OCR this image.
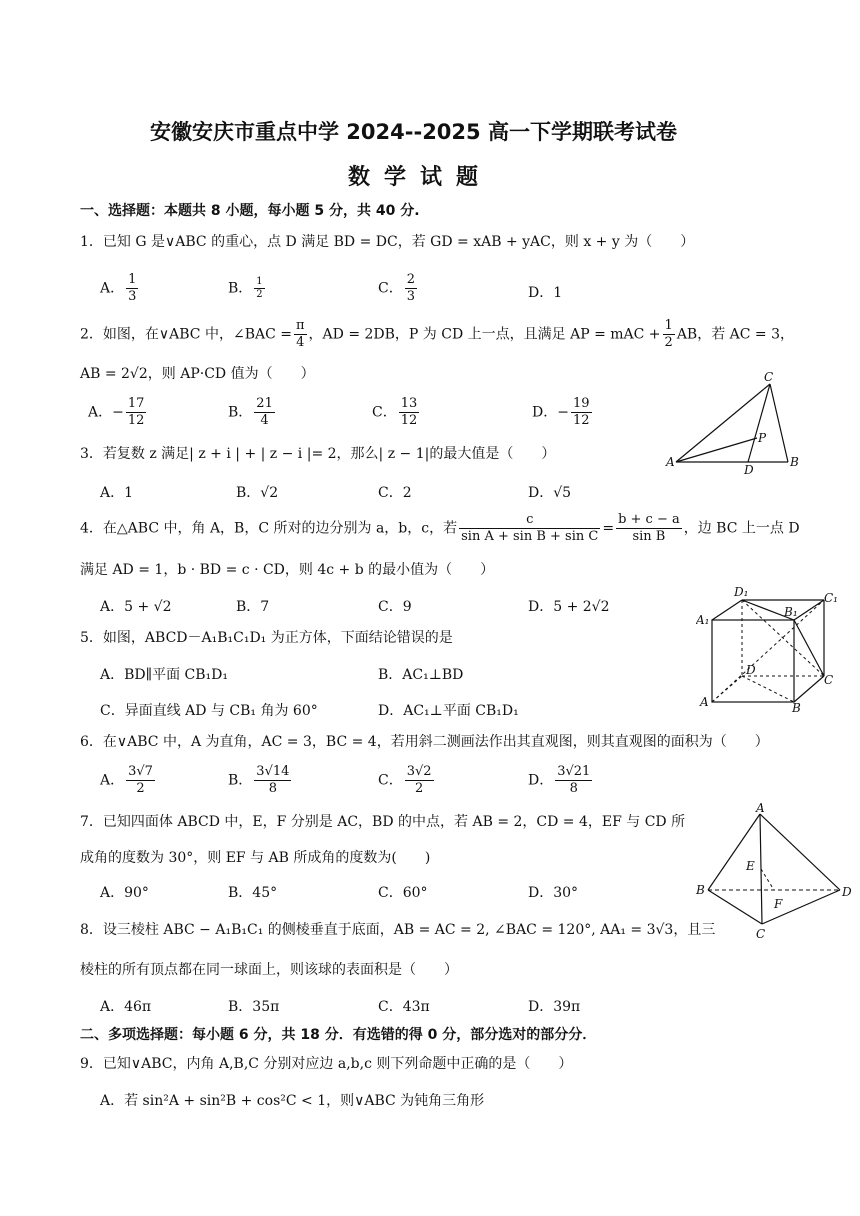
安徽安庆市重点中学 2024--2025 高一下学期联考试卷
数学试题
一、选择题：本题共 8 小题，每小题 5 分，共 40 分.
1．已知 G 是∨ABC 的重心，点 D 满足 BD = DC，若 GD = xAB + yAC，则 x + y 为（　　）
A． $\frac{1}{3}$	B． $\frac{1}{2}$	C． $\frac{2}{3}$	D．1
2．如图，在∨ABC 中，∠BAC = $\frac{\pi}{4}$ ，AD = 2DB，P 为 CD 上一点，且满足 AP = mAC + $\frac{1}{2}$ AB，若 AC = 3，
AB = 2√2，则 AP·CD 值为（　　）
A．− $\frac{17}{12}$	B． $\frac{21}{4}$	C． $\frac{13}{12}$	D．− $\frac{19}{12}$
C
A	B
D
P
3．若复数 z 满足| z + i | + | z − i |= 2，那么| z − 1|的最大值是（　　）
A．1	B．√2	C．2	D．√5
4．在△ABC 中，角 A，B，C 所对的边分别为 a，b，c，若 $\frac{c}{\text{sin A + sin B + sin C}} = \frac{b + c - a}{\text{sin B}}$ ，边 BC 上一点 D
满足 AD = 1，b · BD = c · CD，则 4c + b 的最小值为（　　）
A．5 + √2	B．7	C．9	D．5 + 2√2
D₁	C₁
B₁
A₁
D
C
A	B
5．如图，ABCD－A₁B₁C₁D₁ 为正方体，下面结论错误的是
A．BD∥平面 CB₁D₁	B．AC₁⊥BD
C．异面直线 AD 与 CB₁ 角为 60°	D．AC₁⊥平面 CB₁D₁
6．在∨ABC 中，A 为直角，AC = 3，BC = 4，若用斜二测画法作出其直观图，则其直观图的面积为（　　）
A． $\frac{3√7}{2}$	B． $\frac{3√14}{8}$	C． $\frac{3√2}{2}$	D． $\frac{3√21}{8}$
A
B	D
C
E
F
7．已知四面体 ABCD 中，E，F 分别是 AC，BD 的中点，若 AB = 2，CD = 4，EF 与 CD 所
成角的度数为 30°，则 EF 与 AB 所成角的度数为(　　)
A．90°	B．45°	C．60°	D．30°
8．设三棱柱 ABC − A₁B₁C₁ 的侧棱垂直于底面，AB = AC = 2, ∠BAC = 120°, AA₁ = 3√3，且三
棱柱的所有顶点都在同一球面上，则该球的表面积是（　　）
A．46π	B．35π	C．43π	D．39π
二、多项选择题：每小题 6 分，共 18 分．有选错的得 0 分，部分选对的部分分．
9．已知∨ABC，内角 A,B,C 分别对应边 a,b,c 则下列命题中正确的是（　　）
A．若 sin²A + sin²B + cos²C < 1，则∨ABC 为钝角三角形
